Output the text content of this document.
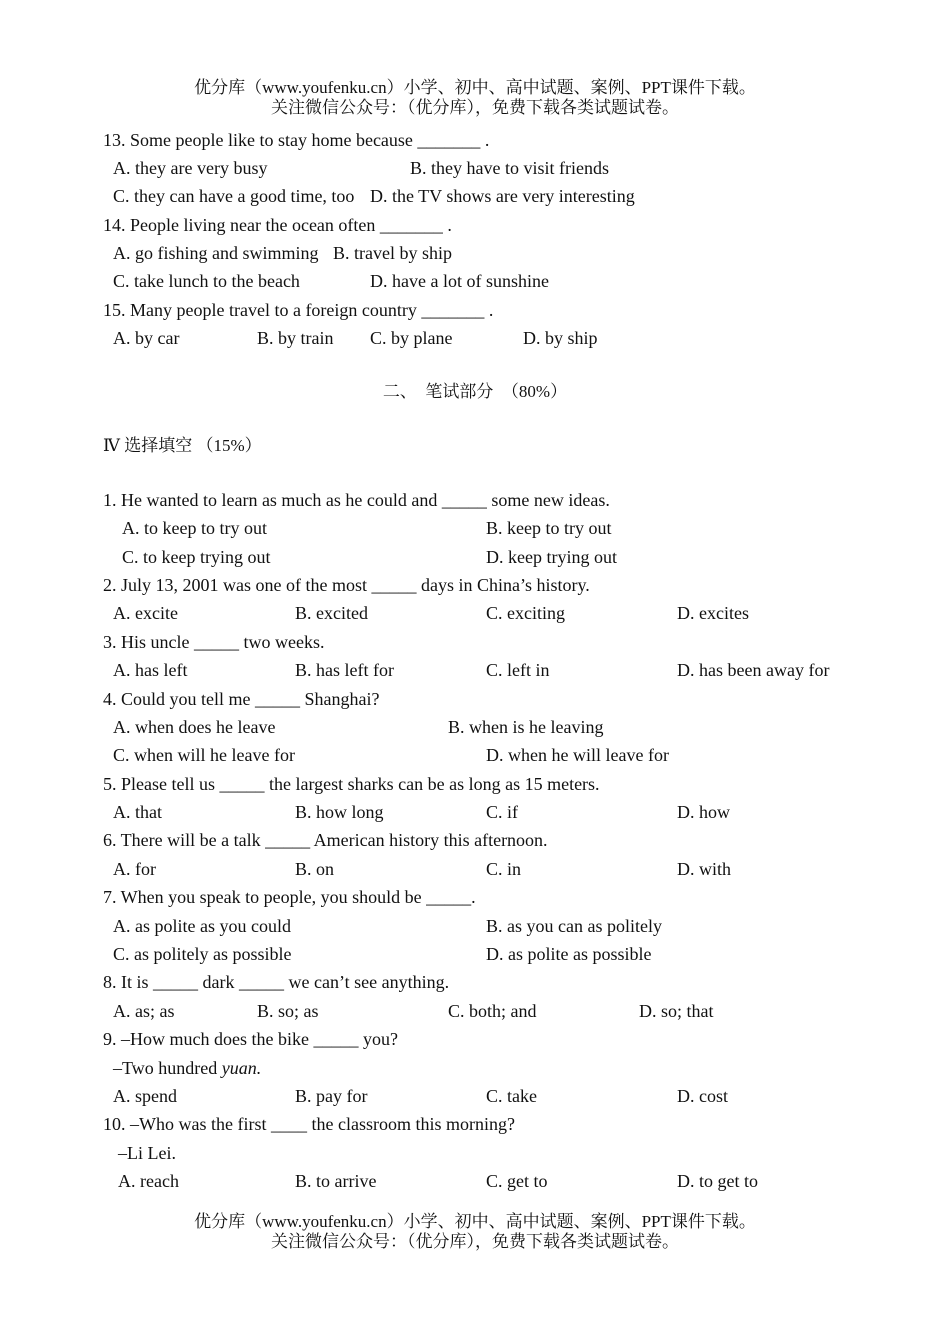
优分库（www.youfenku.cn）小学、初中、高中试题、案例、PPT课件下载。
关注微信公众号：（优分库），免费下载各类试题试卷。
13. Some people like to stay home because _______ .
A. they are very busy	B. they have to visit friends
C. they can have a good time, too D. the TV shows are very interesting
14. People living near the ocean often _______ .
A. go fishing and swimming B. travel by ship
C. take lunch to the beach	D. have a lot of sunshine
15. Many people travel to a foreign country _______ .
A. by car	B. by train C. by plane	D. by ship
二、  笔试部分  （80%）
Ⅳ 选择填空 （15%）
1. He wanted to learn as much as he could and _____ some new ideas.
A. to keep to try out	B. keep to try out
C. to keep trying out	D. keep trying out
2. July 13, 2001 was one of the most _____ days in China’s history.
A. excite	B. excited	C. exciting	D. excites
3. His uncle _____ two weeks.
A. has left	B. has left for	C. left in	D. has been away for
4. Could you tell me _____ Shanghai?
A. when does he leave	B. when is he leaving
C. when will he leave for	D. when he will leave for
5. Please tell us _____ the largest sharks can be as long as 15 meters.
A. that	B. how long	C. if	D. how
6. There will be a talk _____ American history this afternoon.
A. for	B. on	C. in	D. with
7. When you speak to people, you should be _____.
A. as polite as you could	B. as you can as politely
C. as politely as possible	D. as polite as possible
8. It is _____ dark _____ we can’t see anything.
A. as; as	B. so; as	C. both; and	D. so; that
9. –How much does the bike _____ you?
–Two hundred yuan.
A. spend	B. pay for	C. take	D. cost
10. –Who was the first ____ the classroom this morning?
–Li Lei.
A. reach	B. to arrive	C. get to	D. to get to
优分库（www.youfenku.cn）小学、初中、高中试题、案例、PPT课件下载。
关注微信公众号：（优分库），免费下载各类试题试卷。
